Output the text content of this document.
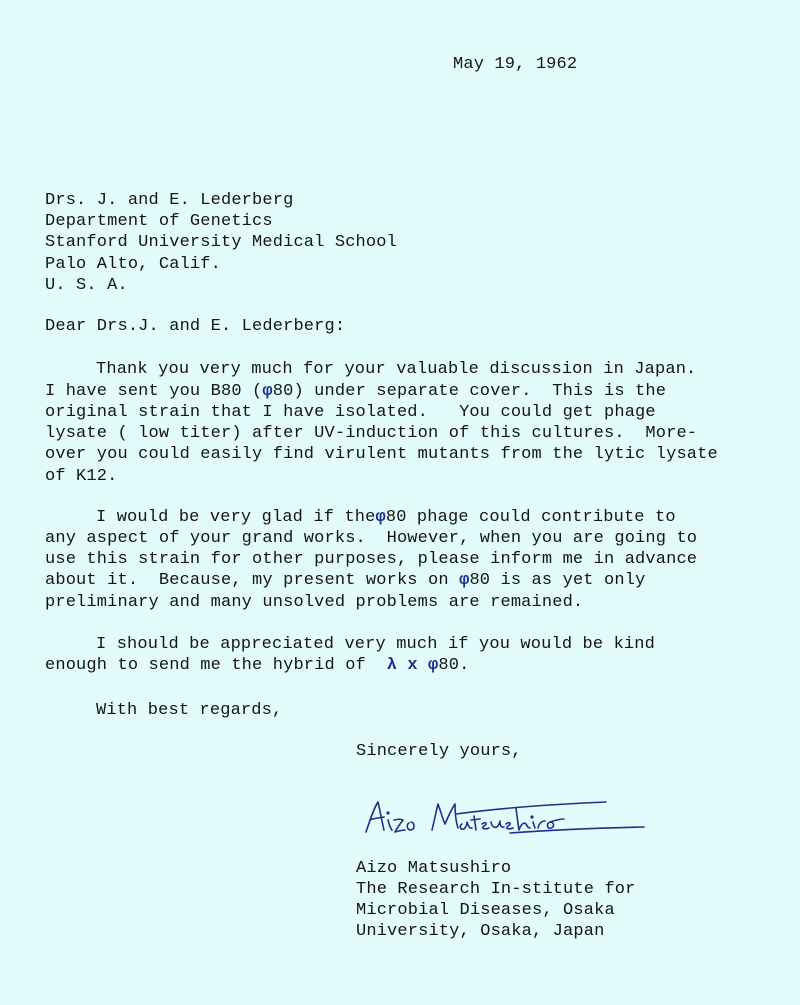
May 19, 1962
Drs. J. and E. Lederberg
Department of Genetics
Stanford University Medical School
Palo Alto, Calif.
U. S. A.
Dear Drs.J. and E. Lederberg:
Thank you very much for your valuable discussion in Japan.
I have sent you B80 (φ80) under separate cover.  This is the
original strain that I have isolated.   You could get phage
lysate ( low titer) after UV-induction of this cultures.  More-
over you could easily find virulent mutants from the lytic lysate
of K12.
I would be very glad if theφ80 phage could contribute to
any aspect of your grand works.  However, when you are going to
use this strain for other purposes, please inform me in advance
about it.  Because, my present works on φ80 is as yet only
preliminary and many unsolved problems are remained.
I should be appreciated very much if you would be kind
enough to send me the hybrid of  λ x φ80.
With best regards,
Sincerely yours,
Aizo Matsushiro
The Research In-stitute for
Microbial Diseases, Osaka
University, Osaka, Japan
